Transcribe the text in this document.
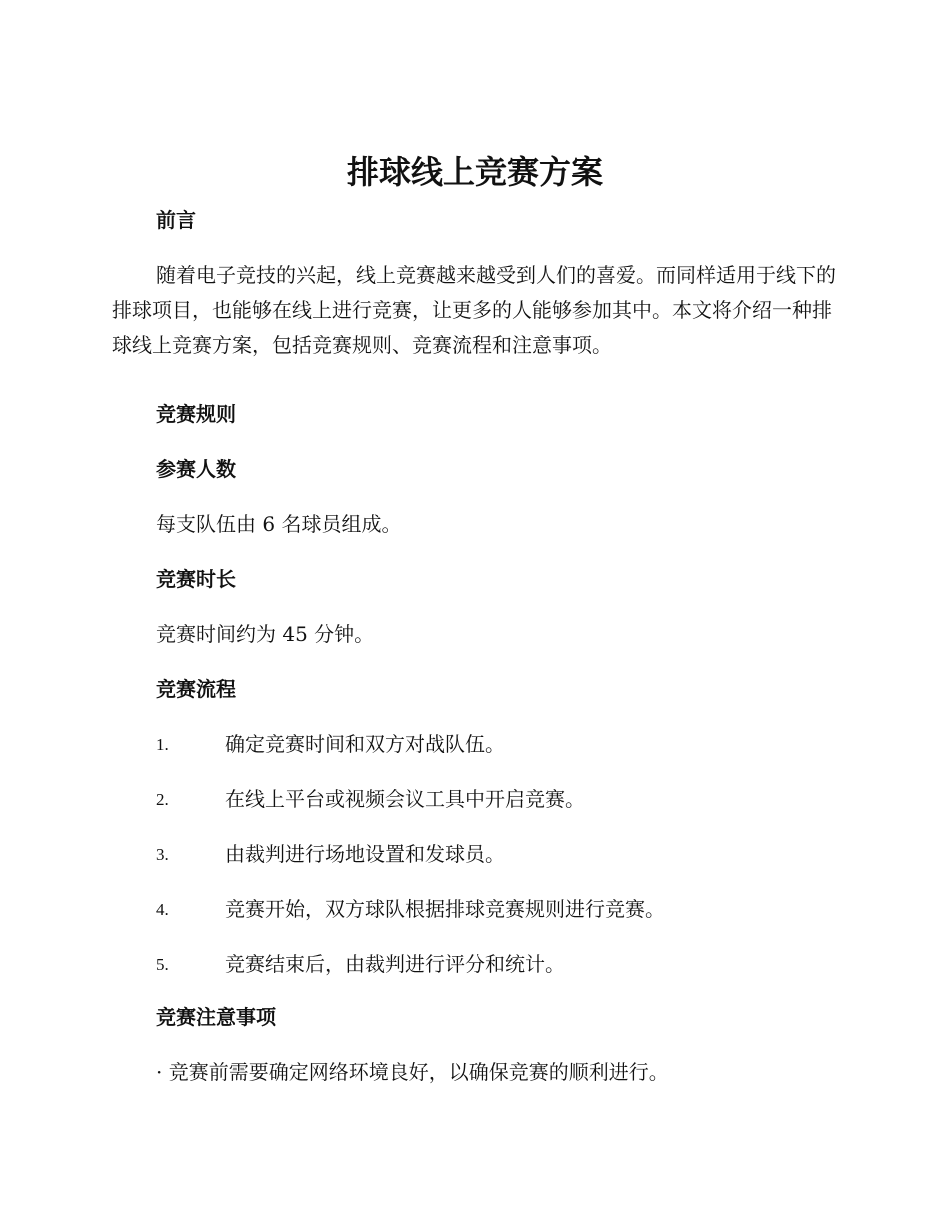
排球线上竞赛方案
前言

随着电子竞技的兴起，线上竞赛越来越受到人们的喜爱。而同样适用于线下的排球项目，也能够在线上进行竞赛，让更多的人能够参加其中。本文将介绍一种排球线上竞赛方案，包括竞赛规则、竞赛流程和注意事项。

竞赛规则
参赛人数

每支队伍由 6 名球员组成。

竞赛时长

竞赛时间约为 45 分钟。

竞赛流程
1.	确定竞赛时间和双方对战队伍。
2.	在线上平台或视频会议工具中开启竞赛。
3.	由裁判进行场地设置和发球员。
4.	竞赛开始，双方球队根据排球竞赛规则进行竞赛。
5.	竞赛结束后，由裁判进行评分和统计。
竞赛注意事项

· 竞赛前需要确定网络环境良好，以确保竞赛的顺利进行。
